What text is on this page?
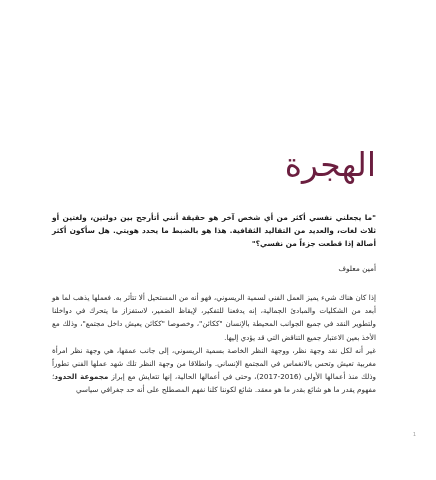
الهجرة

"ما يجعلني نفسي أكثر من أي شخص آخر هو حقيقة أنني أتأرجح بين دولتين، ولغتين أو ثلاث لغات، والعديد من التقاليد الثقافية. هذا هو بالضبط ما يحدد هويتي. هل سأكون أكثر أصالة إذا قطعت جزءاً من نفسي؟"

أمين معلوف

إذا كان هناك شيء يميز العمل الفني لسمية الريسوني، فهو أنه من المستحيل ألا تتأثر به. فعملها يذهب لما هو أبعد من الشكليات والمبادئ الجمالية، إنه يدفعنا للتفكير، لإيقاظ الضمير، لاستفزاز ما يتحرك في دواخلنا ولتطوير النقد في جميع الجوانب المحيطة بالإنسان "ككائن"، وخصوصا "ككائن يعيش داخل مجتمع"، وذلك مع الأخذ بعين الاعتبار جميع التناقض التي قد يؤدي إليها.

غير أنه لكل نقد وجهة نظر، ووجهة النظر الخاصة بسمية الريسوني، إلى جانب عمقها، هي وجهة نظر امرأة مغربية تعيش وتحس بالانغماس في المجتمع الإنساني. وانطلاقا من وجهة النظر تلك شهد عملها الفني تطوراً وذلك منذ أعمالها الأولى (2016-2017)، وحتى في أعمالها الحالية، إنها تتعايش مع إبراز مجموعة الحدود؛ مفهوم يقدر ما هو شائع بقدر ما هو معقد. شائع لكوننا كلنا نفهم المصطلح على أنه حد جغرافي سياسي

1
